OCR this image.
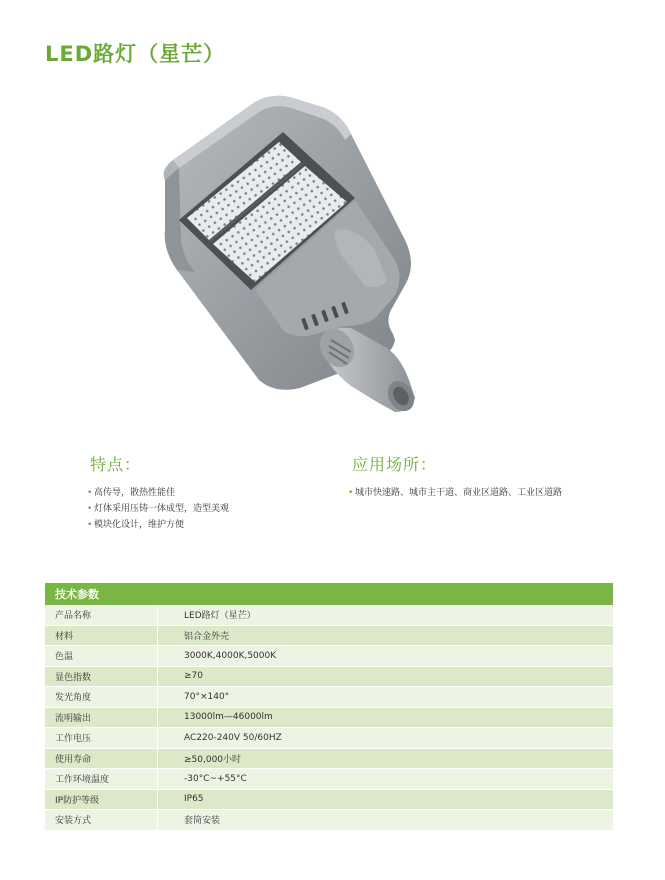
LED路灯（星芒）
特点：
• 高传导，散热性能佳
• 灯体采用压铸一体成型，造型美观
• 模块化设计，维护方便
应用场所：
• 城市快速路、城市主干道、商业区道路、工业区道路
技术参数	
产品名称	LED路灯（星芒）
材料	铝合金外壳
色温	3000K,4000K,5000K
显色指数	≥70
发光角度	70°×140°
流明输出	13000lm—46000lm
工作电压	AC220-240V 50/60HZ
使用寿命	≥50,000小时
工作环境温度	-30°C~+55°C
IP防护等级	IP65
安装方式	套筒安装
